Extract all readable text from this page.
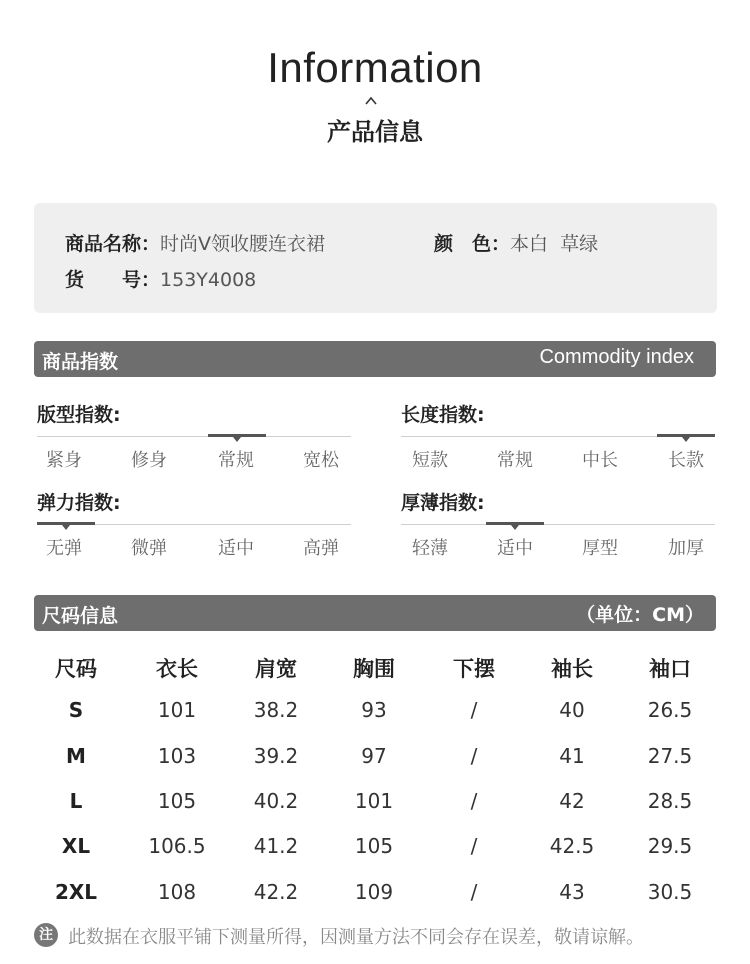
Information
产品信息
商品名称：时尚V领收腰连衣裙	颜　色：本白  草绿
货　　号：153Y4008
商品指数	Commodity index
版型指数:
紧身	修身	常规	宽松
长度指数:
短款	常规	中长	长款
弹力指数:
无弹	微弹	适中	高弹
厚薄指数:
轻薄	适中	厚型	加厚
尺码信息	（单位：CM）
尺码	衣长	肩宽	胸围	下摆	袖长	袖口
S	101	38.2	93	/	40	26.5
M	103	39.2	97	/	41	27.5
L	105	40.2	101	/	42	28.5
XL	106.5	41.2	105	/	42.5	29.5
2XL	108	42.2	109	/	43	30.5
注 此数据在衣服平铺下测量所得，因测量方法不同会存在误差，敬请谅解。
